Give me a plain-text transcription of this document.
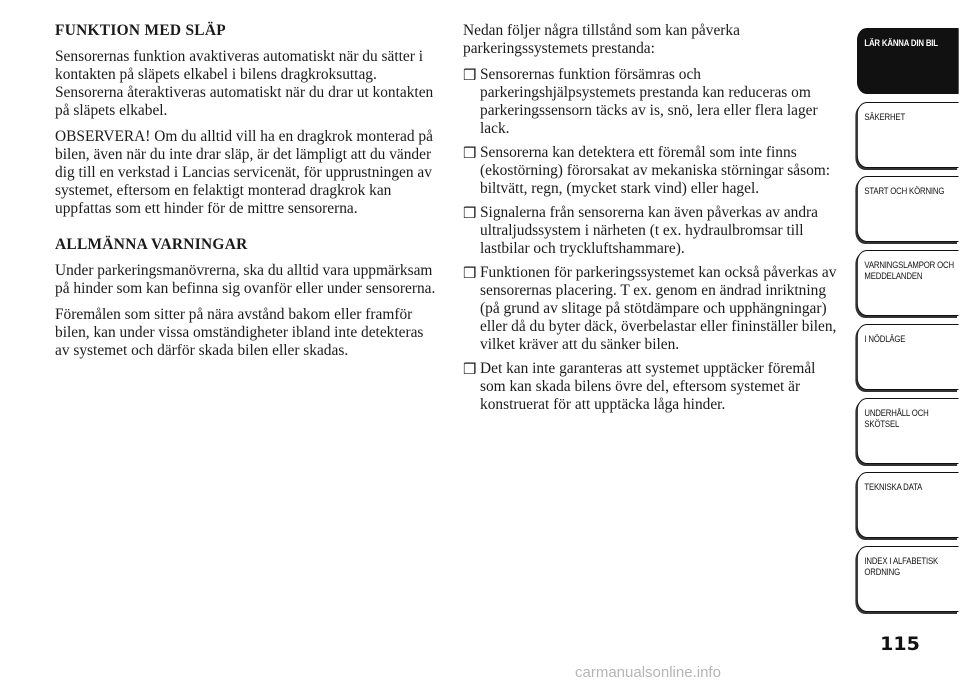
FUNKTION MED SLÄP

Sensorernas funktion avaktiveras automatiskt när du sätter i kontakten på släpets elkabel i bilens dragkroksuttag. Sensorerna återaktiveras automatiskt när du drar ut kontakten på släpets elkabel.

OBSERVERA! Om du alltid vill ha en dragkrok monterad på bilen, även när du inte drar släp, är det lämpligt att du vänder dig till en verkstad i Lancias servicenät, för upprustningen av systemet, eftersom en felaktigt monterad dragkrok kan uppfattas som ett hinder för de mittre sensorerna.

ALLMÄNNA VARNINGAR

Under parkeringsmanövrerna, ska du alltid vara uppmärksam på hinder som kan befinna sig ovanför eller under sensorerna.

Föremålen som sitter på nära avstånd bakom eller framför bilen, kan under vissa omständigheter ibland inte detekteras av systemet och därför skada bilen eller skadas.

Nedan följer några tillstånd som kan påverka parkeringssystemets prestanda:

❒ Sensorernas funktion försämras och parkeringshjälpsystemets prestanda kan reduceras om parkeringssensorn täcks av is, snö, lera eller flera lager lack.
❒ Sensorerna kan detektera ett föremål som inte finns (ekostörning) förorsakat av mekaniska störningar såsom: biltvätt, regn, (mycket stark vind) eller hagel.
❒ Signalerna från sensorerna kan även påverkas av andra ultraljudssystem i närheten (t ex. hydraulbromsar till lastbilar och tryckluftshammare).
❒ Funktionen för parkeringssystemet kan också påverkas av sensorernas placering. T ex. genom en ändrad inriktning (på grund av slitage på stötdämpare och upphängningar) eller då du byter däck, överbelastar eller fininställer bilen, vilket kräver att du sänker bilen.
❒ Det kan inte garanteras att systemet upptäcker föremål som kan skada bilens övre del, eftersom systemet är konstruerat för att upptäcka låga hinder.
LÄR KÄNNA DIN BIL
SÄKERHET
START OCH KÖRNING
VARNINGSLAMPOR OCH MEDDELANDEN
I NÖDLÄGE
UNDERHÅLL OCH SKÖTSEL
TEKNISKA DATA
INDEX I ALFABETISK ORDNING
115
carmanualsonline.info
